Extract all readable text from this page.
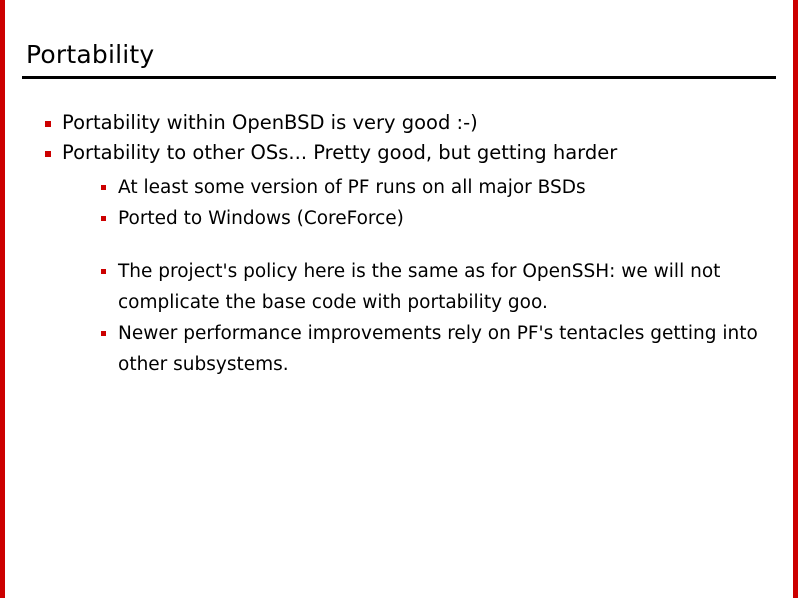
Portability
Portability within OpenBSD is very good :-)
Portability to other OSs... Pretty good, but getting harder
At least some version of PF runs on all major BSDs
Ported to Windows (CoreForce)
The project's policy here is the same as for OpenSSH: we will not complicate the base code with portability goo.
Newer performance improvements rely on PF's tentacles getting into other subsystems.
